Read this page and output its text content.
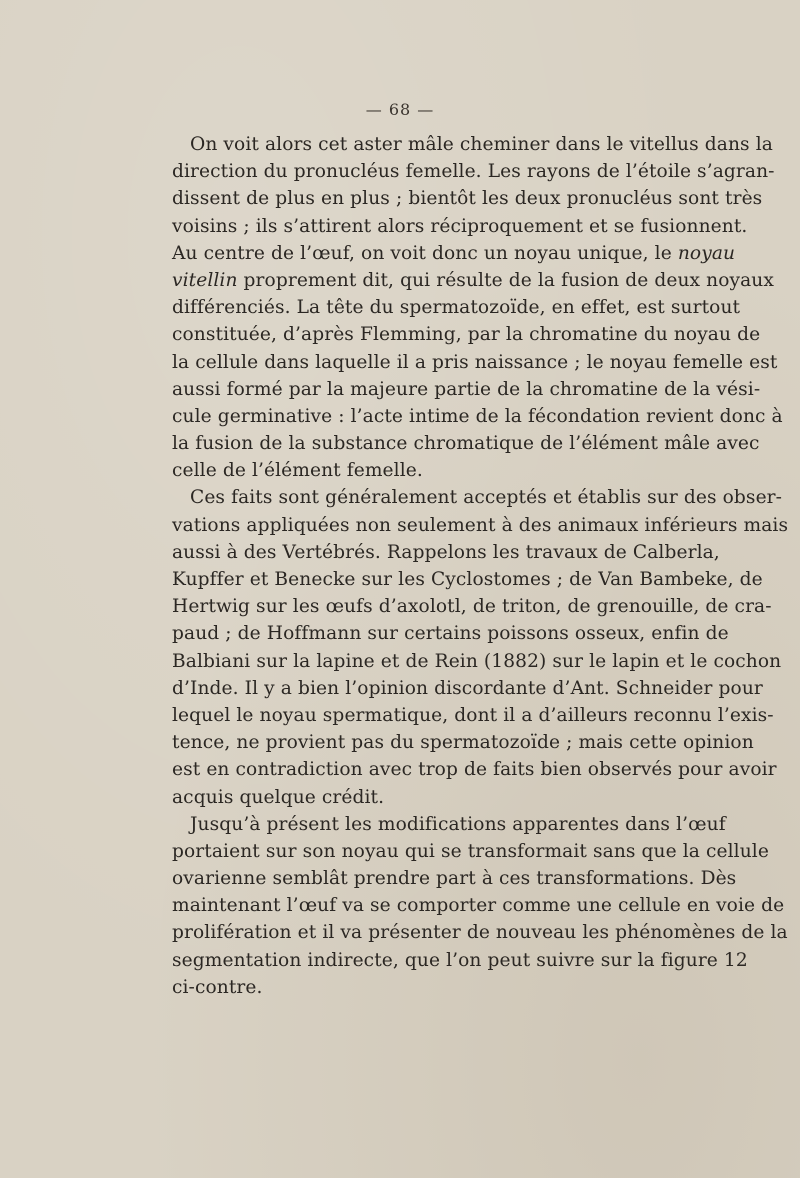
— 68 —
On voit alors cet aster mâle cheminer dans le vitellus dans la
direction du pronucléus femelle. Les rayons de l’étoile s’agran-
dissent de plus en plus ; bientôt les deux pronucléus sont très
voisins ; ils s’attirent alors réciproquement et se fusionnent.
Au centre de l’œuf, on voit donc un noyau unique, le noyau
vitellin proprement dit, qui résulte de la fusion de deux noyaux
différenciés. La tête du spermatozoïde, en effet, est surtout
constituée, d’après Flemming, par la chromatine du noyau de
la cellule dans laquelle il a pris naissance ; le noyau femelle est
aussi formé par la majeure partie de la chromatine de la vési-
cule germinative : l’acte intime de la fécondation revient donc à
la fusion de la substance chromatique de l’élément mâle avec
celle de l’élément femelle.
Ces faits sont généralement acceptés et établis sur des obser-
vations appliquées non seulement à des animaux inférieurs mais
aussi à des Vertébrés. Rappelons les travaux de Calberla,
Kupffer et Benecke sur les Cyclostomes ; de Van Bambeke, de
Hertwig sur les œufs d’axolotl, de triton, de grenouille, de cra-
paud ; de Hoffmann sur certains poissons osseux, enfin de
Balbiani sur la lapine et de Rein (1882) sur le lapin et le cochon
d’Inde. Il y a bien l’opinion discordante d’Ant. Schneider pour
lequel le noyau spermatique, dont il a d’ailleurs reconnu l’exis-
tence, ne provient pas du spermatozoïde ; mais cette opinion
est en contradiction avec trop de faits bien observés pour avoir
acquis quelque crédit.
Jusqu’à présent les modifications apparentes dans l’œuf
portaient sur son noyau qui se transformait sans que la cellule
ovarienne semblât prendre part à ces transformations. Dès
maintenant l’œuf va se comporter comme une cellule en voie de
prolifération et il va présenter de nouveau les phénomènes de la
segmentation indirecte, que l’on peut suivre sur la figure 12
ci-contre.
